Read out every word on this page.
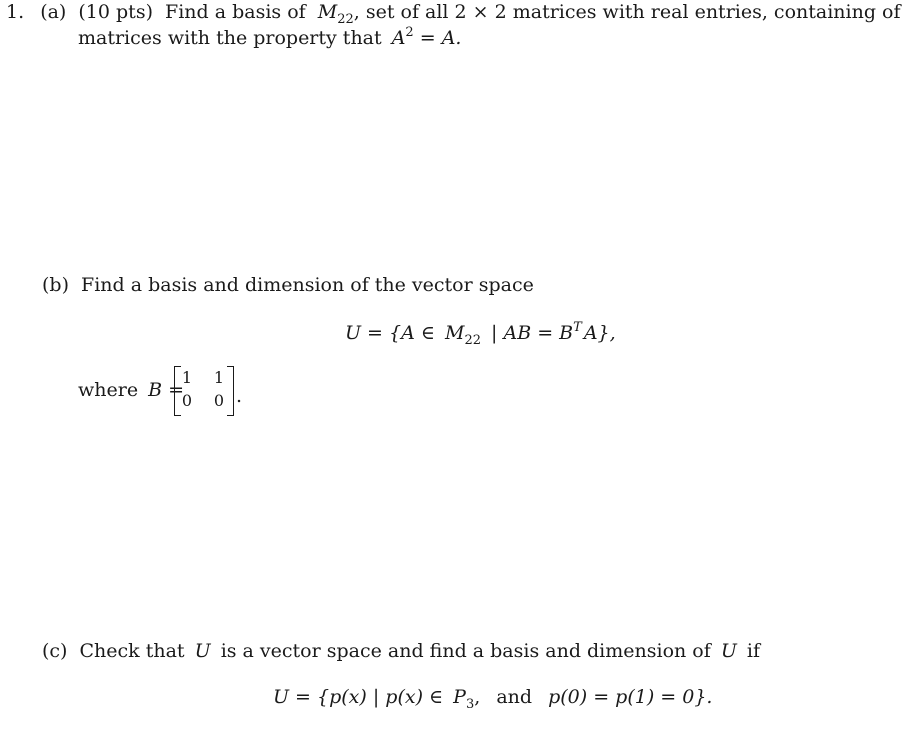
1. (a) (10 pts) Find a basis of $M_{22}$, set of all 2 × 2 matrices with real entries, containing of
matrices with the property that $A^2 = A$.
(b) Find a basis and dimension of the vector space
U = {A ∈ $M_{22}$ | AB = $B^T$ A},
where B =
1 1
0 0 .
(c) Check that U is a vector space and find a basis and dimension of U if
U = {p(x) | p(x) ∈ $P_3$, and p(0) = p(1) = 0}.
